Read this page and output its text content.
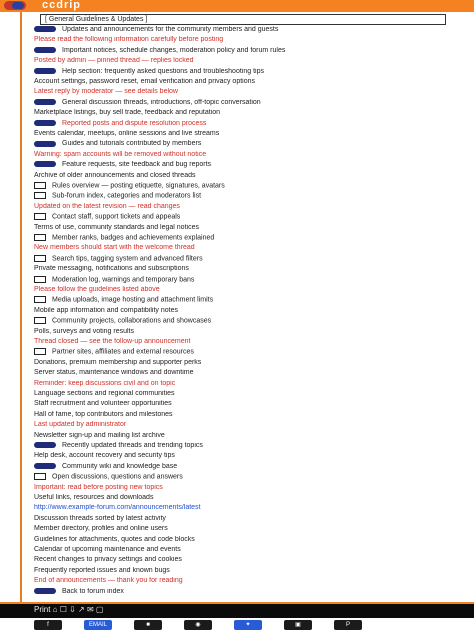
ccdrip
[ General Guidelines & Updates ]
Updates and announcements for the community members and guests
Please read the following information carefully before posting
Important notices, schedule changes, moderation policy and forum rules
Posted by admin — pinned thread — replies locked
Help section: frequently asked questions and troubleshooting tips
Account settings, password reset, email verification and privacy options
Latest reply by moderator — see details below
General discussion threads, introductions, off-topic conversation
Marketplace listings, buy sell trade, feedback and reputation
Reported posts and dispute resolution process
Events calendar, meetups, online sessions and live streams
Guides and tutorials contributed by members
Warning: spam accounts will be removed without notice
Feature requests, site feedback and bug reports
Archive of older announcements and closed threads
Rules overview — posting etiquette, signatures, avatars
Sub-forum index, categories and moderators list
Updated on the latest revision — read changes
Contact staff, support tickets and appeals
Terms of use, community standards and legal notices
Member ranks, badges and achievements explained
New members should start with the welcome thread
Search tips, tagging system and advanced filters
Private messaging, notifications and subscriptions
Moderation log, warnings and temporary bans
Please follow the guidelines listed above
Media uploads, image hosting and attachment limits
Mobile app information and compatibility notes
Community projects, collaborations and showcases
Polls, surveys and voting results
Thread closed — see the follow-up announcement
Partner sites, affiliates and external resources
Donations, premium membership and supporter perks
Server status, maintenance windows and downtime
Reminder: keep discussions civil and on topic
Language sections and regional communities
Staff recruitment and volunteer opportunities
Hall of fame, top contributors and milestones
Last updated by administrator
Newsletter sign-up and mailing list archive
Recently updated threads and trending topics
Help desk, account recovery and security tips
Community wiki and knowledge base
Open discussions, questions and answers
Important: read before posting new topics
Useful links, resources and downloads
http://www.example-forum.com/announcements/latest
Discussion threads sorted by latest activity
Member directory, profiles and online users
Guidelines for attachments, quotes and code blocks
Calendar of upcoming maintenance and events
Recent changes to privacy settings and cookies
Frequently reported issues and known bugs
End of announcements — thank you for reading
Back to forum index
Print ⌂ ☐ ⇩ ↗ ✉ ▢
f	EMAIL	■	◉	✦	▣	P
